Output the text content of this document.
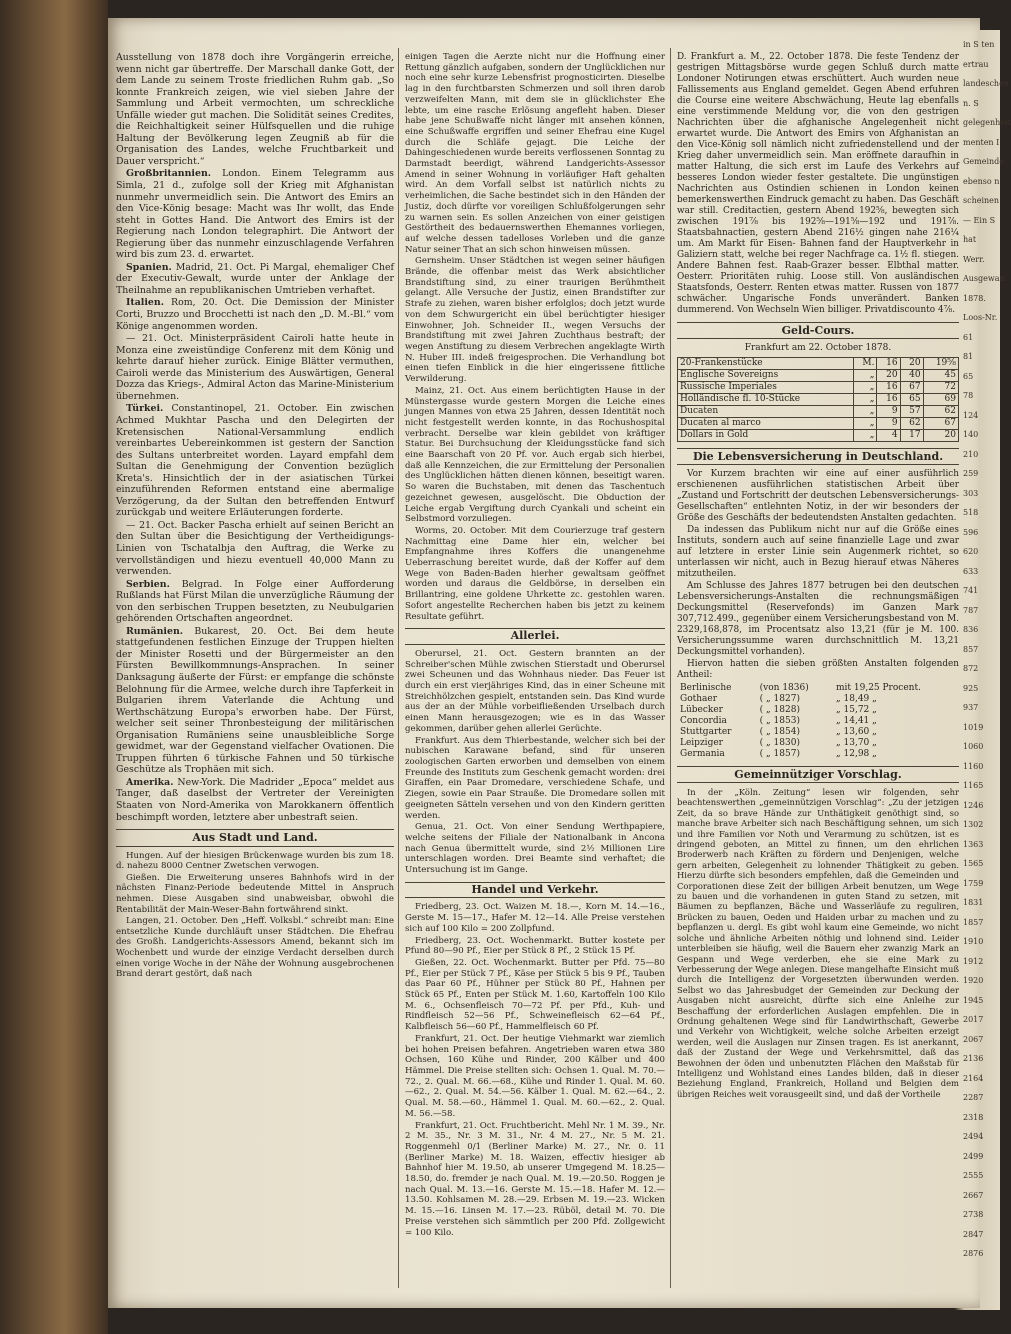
Ausstellung von 1878 doch ihre Vorgängerin erreiche, wenn nicht gar übertreffe. Der Marschall danke Gott, der dem Lande zu seinem Troste friedlichen Ruhm gab. „So konnte Frankreich zeigen, wie viel sieben Jahre der Sammlung und Arbeit vermochten, um schreckliche Unfälle wieder gut machen. Die Solidität seines Credites, die Reichhaltigkeit seiner Hülfsquellen und die ruhige Haltung der Bevölkerung legen Zeugniß ab für die Organisation des Landes, welche Fruchtbarkeit und Dauer verspricht.“

Großbritannien. London. Einem Telegramm aus Simla, 21 d., zufolge soll der Krieg mit Afghanistan nunmehr unvermeidlich sein. Die Antwort des Emirs an den Vice-König besage: Macht was Ihr wollt, das Ende steht in Gottes Hand. Die Antwort des Emirs ist der Regierung nach London telegraphirt. Die Antwort der Regierung über das nunmehr einzuschlagende Verfahren wird bis zum 23. d. erwartet.

Spanien. Madrid, 21. Oct. Pi Margal, ehemaliger Chef der Executiv-Gewalt, wurde unter der Anklage der Theilnahme an republikanischen Umtrieben verhaftet.

Italien. Rom, 20. Oct. Die Demission der Minister Corti, Bruzzo und Brocchetti ist nach den „D. M.-Bl.“ vom Könige angenommen worden.

— 21. Oct. Ministerpräsident Cairoli hatte heute in Monza eine zweistündige Conferenz mit dem König und kehrte darauf hieher zurück. Einige Blätter vermuthen, Cairoli werde das Ministerium des Auswärtigen, General Dozza das Kriegs-, Admiral Acton das Marine-Ministerium übernehmen.

Türkei. Constantinopel, 21. October. Ein zwischen Achmed Mukhtar Pascha und den Delegirten der Kretensischen National-Versammlung endlich vereinbartes Uebereinkommen ist gestern der Sanction des Sultans unterbreitet worden. Layard empfahl dem Sultan die Genehmigung der Convention bezüglich Kreta's. Hinsichtlich der in der asiatischen Türkei einzuführenden Reformen entstand eine abermalige Verzögerung, da der Sultan den betreffenden Entwurf zurückgab und weitere Erläuterungen forderte.

— 21. Oct. Backer Pascha erhielt auf seinen Bericht an den Sultan über die Besichtigung der Vertheidigungs-Linien von Tschatalbja den Auftrag, die Werke zu vervollständigen und hiezu eventuell 40,000 Mann zu verwenden.

Serbien. Belgrad. In Folge einer Aufforderung Rußlands hat Fürst Milan die unverzügliche Räumung der von den serbischen Truppen besetzten, zu Neubulgarien gehörenden Ortschaften angeordnet.

Rumänien. Bukarest, 20. Oct. Bei dem heute stattgefundenen festlichen Einzuge der Truppen hielten der Minister Rosetti und der Bürgermeister an den Fürsten Bewillkommnungs-Ansprachen. In seiner Danksagung äußerte der Fürst: er empfange die schönste Belohnung für die Armee, welche durch ihre Tapferkeit in Bulgarien ihrem Vaterlande die Achtung und Werthschätzung Europa's erworben habe. Der Fürst, welcher seit seiner Thronbesteigung der militärischen Organisation Rumäniens seine unausbleibliche Sorge gewidmet, war der Gegenstand vielfacher Ovationen. Die Truppen führten 6 türkische Fahnen und 50 türkische Geschütze als Trophäen mit sich.

Amerika. New-York. Die Madrider „Epoca“ meldet aus Tanger, daß daselbst der Vertreter der Vereinigten Staaten von Nord-Amerika von Marokkanern öffentlich beschimpft worden, letztere aber unbestraft seien.

Aus Stadt und Land.

Hungen. Auf der hiesigen Brückenwage wurden bis zum 18. d. nahezu 8000 Centner Zwetschen verwogen.

Gießen. Die Erweiterung unseres Bahnhofs wird in der nächsten Finanz-Periode bedeutende Mittel in Anspruch nehmen. Diese Ausgaben sind unabweisbar, obwohl die Rentabilität der Main-Weser-Bahn fortwährend sinkt.

Langen, 21. October. Den „Heff. Volksbl.“ schreibt man: Eine entsetzliche Kunde durchläuft unser Städtchen. Die Ehefrau des Großh. Landgerichts-Assessors Amend, bekannt sich im Wochenbett und wurde der einzige Verdacht derselben durch einen vorige Woche in der Nähe der Wohnung ausgebrochenen Brand derart gestört, daß nach

einigen Tagen die Aerzte nicht nur die Hoffnung einer Rettung gänzlich aufgaben, sondern der Unglücklichen nur noch eine sehr kurze Lebensfrist prognosticirten. Dieselbe lag in den furchtbarsten Schmerzen und soll ihren darob verzweifelten Mann, mit dem sie in glücklichster Ehe lebte, um eine rasche Erlösung angefleht haben. Dieser habe jene Schußwaffe nicht länger mit ansehen können, eine Schußwaffe ergriffen und seiner Ehefrau eine Kugel durch die Schläfe gejagt. Die Leiche der Dahingeschiedenen wurde bereits verflossenen Sonntag zu Darmstadt beerdigt, während Landgerichts-Assessor Amend in seiner Wohnung in vorläufiger Haft gehalten wird. An dem Vorfall selbst ist natürlich nichts zu verheimlichen, die Sache bestindet sich in den Händen der Justiz, doch dürfte vor voreiligen Schlußfolgerungen sehr zu warnen sein. Es sollen Anzeichen von einer geistigen Gestörtheit des bedauernswerthen Ehemannes vorliegen, auf welche dessen tadelloses Vorleben und die ganze Natur seiner That an sich schon hinweisen müssen.

Gernsheim. Unser Städtchen ist wegen seiner häufigen Brände, die offenbar meist das Werk absichtlicher Brandstiftung sind, zu einer traurigen Berühmtheit gelangt. Alle Versuche der Justiz, einen Brandstifter zur Strafe zu ziehen, waren bisher erfolglos; doch jetzt wurde von dem Schwurgericht ein übel berüchtigter hiesiger Einwohner, Joh. Schneider II., wegen Versuchs der Brandstiftung mit zwei Jahren Zuchthaus bestraft; der wegen Anstiftung zu diesem Verbrechen angeklagte Wirth N. Huber III. indeß freigesprochen. Die Verhandlung bot einen tiefen Einblick in die hier eingerissene fittliche Verwilderung.

Mainz, 21. Oct. Aus einem berüchtigten Hause in der Münstergasse wurde gestern Morgen die Leiche eines jungen Mannes von etwa 25 Jahren, dessen Identität noch nicht festgestellt werden konnte, in das Rochushospital verbracht. Derselbe war klein gebildet von kräftiger Statur. Bei Durchsuchung der Kleidungsstücke fand sich eine Baarschaft von 20 Pf. vor. Auch ergab sich hierbei, daß alle Kennzeichen, die zur Ermittelung der Personalien des Unglücklichen hätten dienen können, beseitigt waren. So waren die Buchstaben, mit denen das Taschentuch gezeichnet gewesen, ausgelöscht. Die Obduction der Leiche ergab Vergiftung durch Cyankali und scheint ein Selbstmord vorzuliegen.

Worms, 20. October. Mit dem Courierzuge traf gestern Nachmittag eine Dame hier ein, welcher bei Empfangnahme ihres Koffers die unangenehme Ueberraschung bereitet wurde, daß der Koffer auf dem Wege von Baden-Baden hierher gewaltsam geöffnet worden und daraus die Geldbörse, in derselben ein Brillantring, eine goldene Uhrkette zc. gestohlen waren. Sofort angestellte Recherchen haben bis jetzt zu keinem Resultate geführt.

Allerlei.

Oberursel, 21. Oct. Gestern brannten an der Schreiber'schen Mühle zwischen Stierstadt und Oberursel zwei Scheunen und das Wohnhaus nieder. Das Feuer ist durch ein erst vierjähriges Kind, das in einer Scheune mit Streichhölzchen gespielt, entstanden sein. Das Kind wurde aus der an der Mühle vorbeifließenden Urselbach durch einen Mann herausgezogen; wie es in das Wasser gekommen, darüber gehen allerlei Gerüchte.

Frankfurt. Aus dem Thierbestande, welcher sich bei der nubischen Karawane befand, sind für unseren zoologischen Garten erworben und demselben von einem Freunde des Instituts zum Geschenk gemacht worden: drei Giraffen, ein Paar Dromedare, verschiedene Schafe, und Ziegen, sowie ein Paar Strauße. Die Dromedare sollen mit geeigneten Sätteln versehen und von den Kindern geritten werden.

Genua, 21. Oct. Von einer Sendung Werthpapiere, welche seitens der Filiale der Nationalbank in Ancona nach Genua übermittelt wurde, sind 2½ Millionen Lire unterschlagen worden. Drei Beamte sind verhaftet; die Untersuchung ist im Gange.

Handel und Verkehr.

Friedberg, 23. Oct. Waizen M. 18.—, Korn M. 14.—16., Gerste M. 15—17., Hafer M. 12—14. Alle Preise verstehen sich auf 100 Kilo = 200 Zollpfund.

Friedberg, 23. Oct. Wochenmarkt. Butter kostete per Pfund 80—90 Pf., Eier per Stück 8 Pf., 2 Stück 15 Pf.

Gießen, 22. Oct. Wochenmarkt. Butter per Pfd. 75—80 Pf., Eier per Stück 7 Pf., Käse per Stück 5 bis 9 Pf., Tauben das Paar 60 Pf., Hühner per Stück 80 Pf., Hahnen per Stück 65 Pf., Enten per Stück M. 1.60, Kartoffeln 100 Kilo M. 6., Ochsenfleisch 70—72 Pf. per Pfd., Kuh- und Rindfleisch 52—56 Pf., Schweinefleisch 62—64 Pf., Kalbfleisch 56—60 Pf., Hammelfleisch 60 Pf.

Frankfurt, 21. Oct. Der heutige Viehmarkt war ziemlich bei hohen Preisen befahren. Angetrieben waren etwa 380 Ochsen, 160 Kühe und Rinder, 200 Kälber und 400 Hämmel. Die Preise stellten sich: Ochsen 1. Qual. M. 70.—72., 2. Qual. M. 66.—68., Kühe und Rinder 1. Qual. M. 60.—62., 2. Qual. M. 54.—56. Kälber 1. Qual. M. 62.—64., 2. Qual. M. 58.—60., Hämmel 1. Qual. M. 60.—62., 2. Qual. M. 56.—58.

Frankfurt, 21. Oct. Fruchtbericht. Mehl Nr. 1 M. 39., Nr. 2 M. 35., Nr. 3 M. 31., Nr. 4 M. 27., Nr. 5 M. 21. Roggenmehl 0/1 (Berliner Marke) M. 27., Nr. 0. 11 (Berliner Marke) M. 18. Waizen, effectiv hiesiger ab Bahnhof hier M. 19.50, ab unserer Umgegend M. 18.25—18.50, do. fremder je nach Qual. M. 19.—20.50. Roggen je nach Qual. M. 13.—16. Gerste M. 15.—18. Hafer M. 12.—13.50. Kohlsamen M. 28.—29. Erbsen M. 19.—23. Wicken M. 15.—16. Linsen M. 17.—23. Rüböl, detail M. 70. Die Preise verstehen sich sämmtlich per 200 Pfd. Zollgewicht = 100 Kilo.

D. Frankfurt a. M., 22. October 1878. Die feste Tendenz der gestrigen Mittagsbörse wurde gegen Schluß durch matte Londoner Notirungen etwas erschüttert. Auch wurden neue Fallissements aus England gemeldet. Gegen Abend erfuhren die Course eine weitere Abschwächung, Heute lag ebenfalls eine verstimmende Meldung vor, die von den gestrigen Nachrichten über die afghanische Angelegenheit nicht erwartet wurde. Die Antwort des Emirs von Afghanistan an den Vice-König soll nämlich nicht zufriedenstellend und der Krieg daher unvermeidlich sein. Man eröffnete daraufhin in matter Haltung, die sich erst im Laufe des Verkehrs auf besseres London wieder fester gestaltete. Die ungünstigen Nachrichten aus Ostindien schienen in London keinen bemerkenswerthen Eindruck gemacht zu haben. Das Geschäft war still. Creditactien, gestern Abend 192⅝, bewegten sich zwischen 191⅞ bis 192⅝—191⅝—192 und 191⅞. Staatsbahnactien, gestern Abend 216½ gingen nahe 216¼ um. Am Markt für Eisen- Bahnen fand der Hauptverkehr in Galiziern statt, welche bei reger Nachfrage ca. 1½ fl. stiegen. Andere Bahnen fest. Raab-Grazer besser. Elbthal matter. Oesterr. Prioritäten ruhig. Loose still. Von ausländischen Staatsfonds, Oesterr. Renten etwas matter. Russen von 1877 schwächer. Ungarische Fonds unverändert. Banken dummerend. Von Wechseln Wien billiger. Privatdiscounto 4⅞.

Geld-Cours.
Frankfurt am 22. October 1878.
20-Frankenstücke	M.	16	20	19⅝
Englische Sovereigns	„	20	40	45
Russische Imperiales	„	16	67	72
Holländische fl. 10-Stücke	„	16	65	69
Ducaten	„	9	57	62
Ducaten al marco	„	9	62	67
Dollars in Gold	„	4	17	20
Die Lebensversicherung in Deutschland.

Vor Kurzem brachten wir eine auf einer ausführlich erschienenen ausführlichen statistischen Arbeit über „Zustand und Fortschritt der deutschen Lebensversicherungs-Gesellschaften“ entlehnten Notiz, in der wir besonders der Größe des Geschäfts der bedeutendsten Anstalten gedachten.

Da indessen das Publikum nicht nur auf die Größe eines Instituts, sondern auch auf seine finanzielle Lage und zwar auf letztere in erster Linie sein Augenmerk richtet, so unterlassen wir nicht, auch in Bezug hierauf etwas Näheres mitzutheilen.

Am Schlusse des Jahres 1877 betrugen bei den deutschen Lebensversicherungs-Anstalten die rechnungsmäßigen Deckungsmittel (Reservefonds) im Ganzen Mark 307,712.499., gegenüber einem Versicherungsbestand von M. 2329,168,878, im Procentsatz also 13,21 (für je M. 100. Versicherungssumme waren durchschnittlich M. 13,21 Deckungsmittel vorhanden).

Hiervon hatten die sieben größten Anstalten folgenden Antheil:

Berlinische	(von 1836)	mit 19,25 Procent.
Gothaer	( „ 1827)	„ 18,49 „
Lübecker	( „ 1828)	„ 15,72 „
Concordia	( „ 1853)	„ 14,41 „
Stuttgarter	( „ 1854)	„ 13,60 „
Leipziger	( „ 1830)	„ 13,70 „
Germania	( „ 1857)	„ 12,98 „
Gemeinnütziger Vorschlag.

In der „Köln. Zeitung“ lesen wir folgenden, sehr beachtenswerthen „gemeinnützigen Vorschlag“: „Zu der jetzigen Zeit, da so brave Hände zur Unthätigkeit genöthigt sind, so manche brave Arbeiter sich nach Beschäftigung sehnen, um sich und ihre Familien vor Noth und Verarmung zu schützen, ist es dringend geboten, an Mittel zu finnen, um den ehrlichen Broderwerb nach Kräften zu fördern und Denjenigen, welche gern arbeiten, Gelegenheit zu lohnender Thätigkeit zu geben. Hierzu dürfte sich besonders empfehlen, daß die Gemeinden und Corporationen diese Zeit der billigen Arbeit benutzen, um Wege zu bauen und die vorhandenen in guten Stand zu setzen, mit Bäumen zu bepflanzen, Bäche und Wasserläufe zu reguliren, Brücken zu bauen, Oeden und Haiden urbar zu machen und zu bepflanzen u. dergl. Es gibt wohl kaum eine Gemeinde, wo nicht solche und ähnliche Arbeiten nöthig und lohnend sind. Leider unterbleiben sie häufig, weil die Bauern eher zwanzig Mark an Gespann und Wege verderben, ehe sie eine Mark zu Verbesserung der Wege anlegen. Diese mangelhafte Einsicht muß durch die Intelligenz der Vorgesetzten überwunden werden. Selbst wo das Jahresbudget der Gemeinden zur Deckung der Ausgaben nicht ausreicht, dürfte sich eine Anleihe zur Beschaffung der erforderlichen Auslagen empfehlen. Die in Ordnung gehaltenen Wege sind für Landwirthschaft, Gewerbe und Verkehr von Wichtigkeit, welche solche Arbeiten erzeigt werden, weil die Auslagen nur Zinsen tragen. Es ist anerkannt, daß der Zustand der Wege und Verkehrsmittel, daß das Bewohnen der öden und unbenutzten Flächen den Maßstab für Intelligenz und Wohlstand eines Landes bilden, daß in dieser Beziehung England, Frankreich, Holland und Belgien dem übrigen Reiches weit vorausgeeilt sind, und daß der Vortheile

in S ten
ertrau
landeschen
n. S
gelegenheit
menten I
Gemeinde
ebenso n
scheinen
— Ein S
hat
Werr.
Ausgewan
1878.
Loos-Nr.
61
81
65
78
124
140
210
259
303
518
596
620
633
741
787
836
857
872
925
937
1019
1060
1160
1165
1246
1302
1363
1565
1759
1831
1857
1910
1912
1920
1945
2017
2067
2136
2164
2287
2318
2494
2499
2555
2667
2738
2847
2876
